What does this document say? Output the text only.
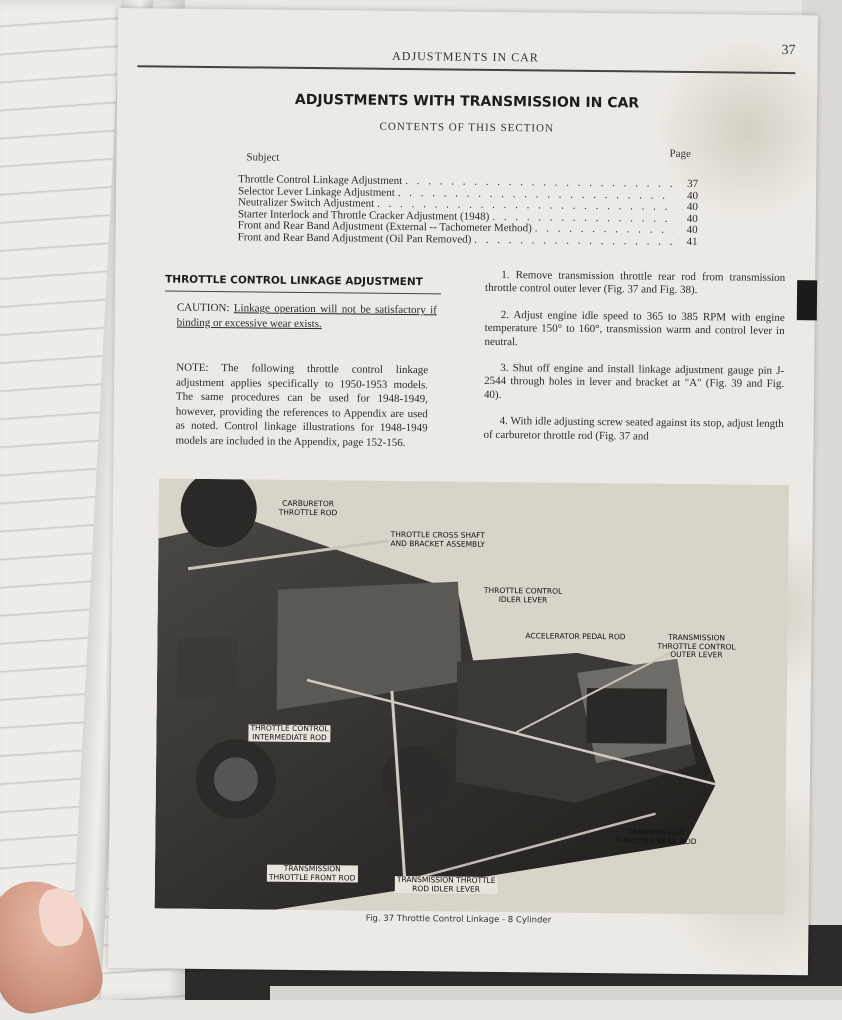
ADJUSTMENTS IN CAR	37
ADJUSTMENTS WITH TRANSMISSION IN CAR
CONTENTS OF THIS SECTION
Subject	Page
Throttle Control Linkage Adjustment . . .	37
Selector Lever Linkage Adjustment . . .	40
Neutralizer Switch Adjustment . . .	40
Starter Interlock and Throttle Cracker Adjustment (1948) . . .	40
Front and Rear Band Adjustment (External -- Tachometer Method) . . .	40
Front and Rear Band Adjustment (Oil Pan Removed) . . .	41
THROTTLE CONTROL LINKAGE ADJUSTMENT
CAUTION: Linkage operation will not be satisfactory if binding or excessive wear exists.
NOTE: The following throttle control linkage adjustment applies specifically to 1950-1953 models. The same procedures can be used for 1948-1949, however, providing the references to Appendix are used as noted. Control linkage illustrations for 1948-1949 models are included in the Appendix, page 152-156.

1. Remove transmission throttle rear rod from transmission throttle control outer lever (Fig. 37 and Fig. 38).

2. Adjust engine idle speed to 365 to 385 RPM with engine temperature 150° to 160°, transmission warm and control lever in neutral.

3. Shut off engine and install linkage adjustment gauge pin J-2544 through holes in lever and bracket at "A" (Fig. 39 and Fig. 40).

4. With idle adjusting screw seated against its stop, adjust length of carburetor throttle rod (Fig. 37 and

CARBURETOR
THROTTLE ROD
THROTTLE CROSS SHAFT
AND BRACKET ASSEMBLY
THROTTLE CONTROL
IDLER LEVER
ACCELERATOR PEDAL ROD	TRANSMISSION
THROTTLE CONTROL
OUTER LEVER
THROTTLE CONTROL
INTERMEDIATE ROD
TRANSMISSION
THROTTLE REAR ROD
TRANSMISSION
THROTTLE FRONT ROD	TRANSMISSION THROTTLE
ROD IDLER LEVER
Fig. 37 Throttle Control Linkage - 8 Cylinder
